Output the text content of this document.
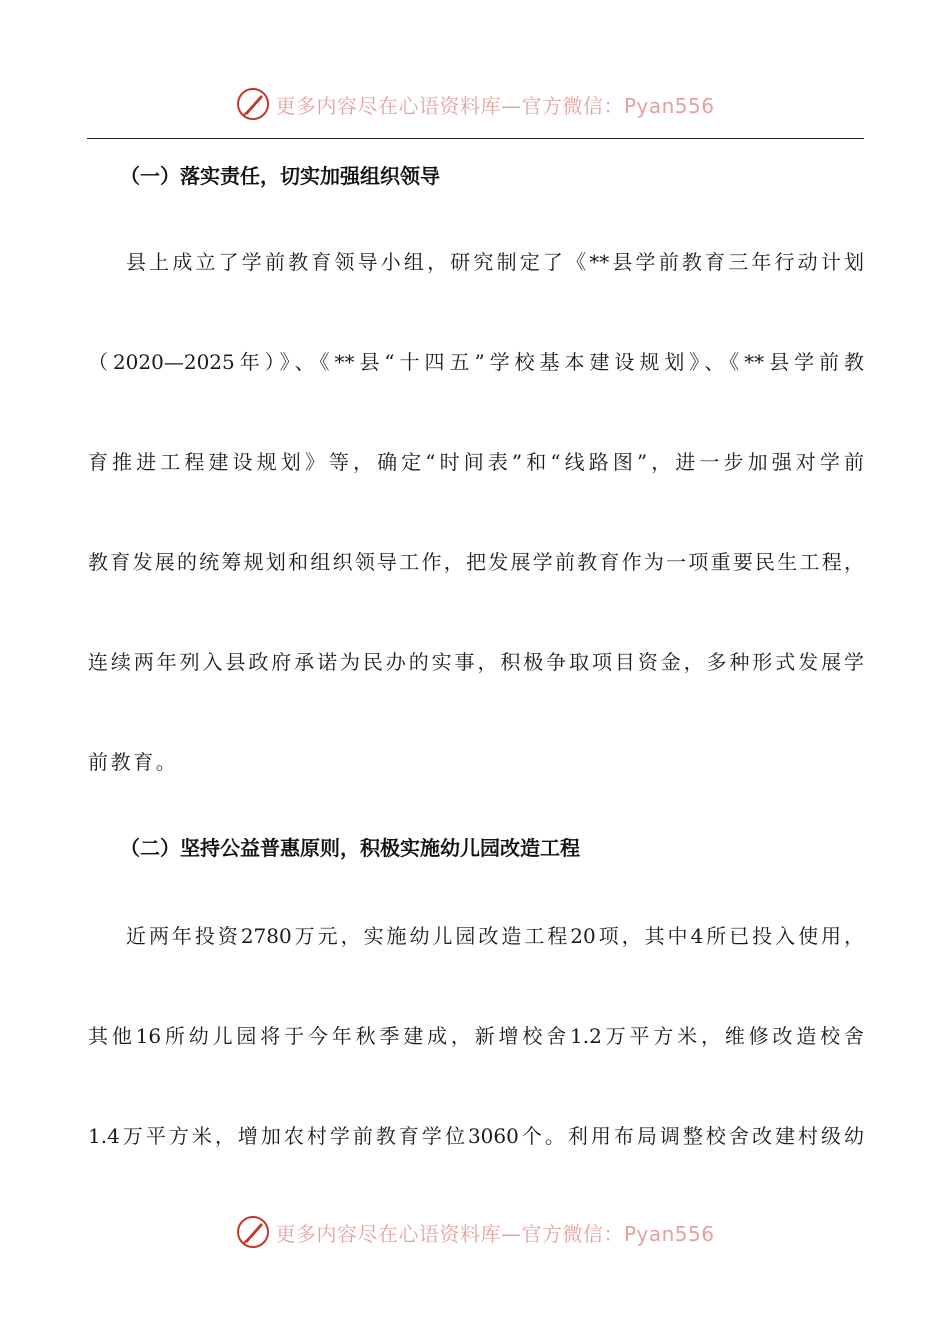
更多内容尽在心语资料库—官方微信：Pyan556
（一）落实责任，切实加强组织领导
县上成立了学前教育领导小组，研究制定了《**县学前教育三年行动计划
（2020—2025年）》、《**县“十四五”学校基本建设规划》、《**县学前教
育推进工程建设规划》等，确定“时间表”和“线路图”，进一步加强对学前
教育发展的统筹规划和组织领导工作，把发展学前教育作为一项重要民生工程，
连续两年列入县政府承诺为民办的实事，积极争取项目资金，多种形式发展学
前教育。
（二）坚持公益普惠原则，积极实施幼儿园改造工程
近两年投资2780万元，实施幼儿园改造工程20项，其中4所已投入使用，
其他16所幼儿园将于今年秋季建成，新增校舍1.2万平方米，维修改造校舍
1.4万平方米，增加农村学前教育学位3060个。利用布局调整校舍改建村级幼
更多内容尽在心语资料库—官方微信：Pyan556
